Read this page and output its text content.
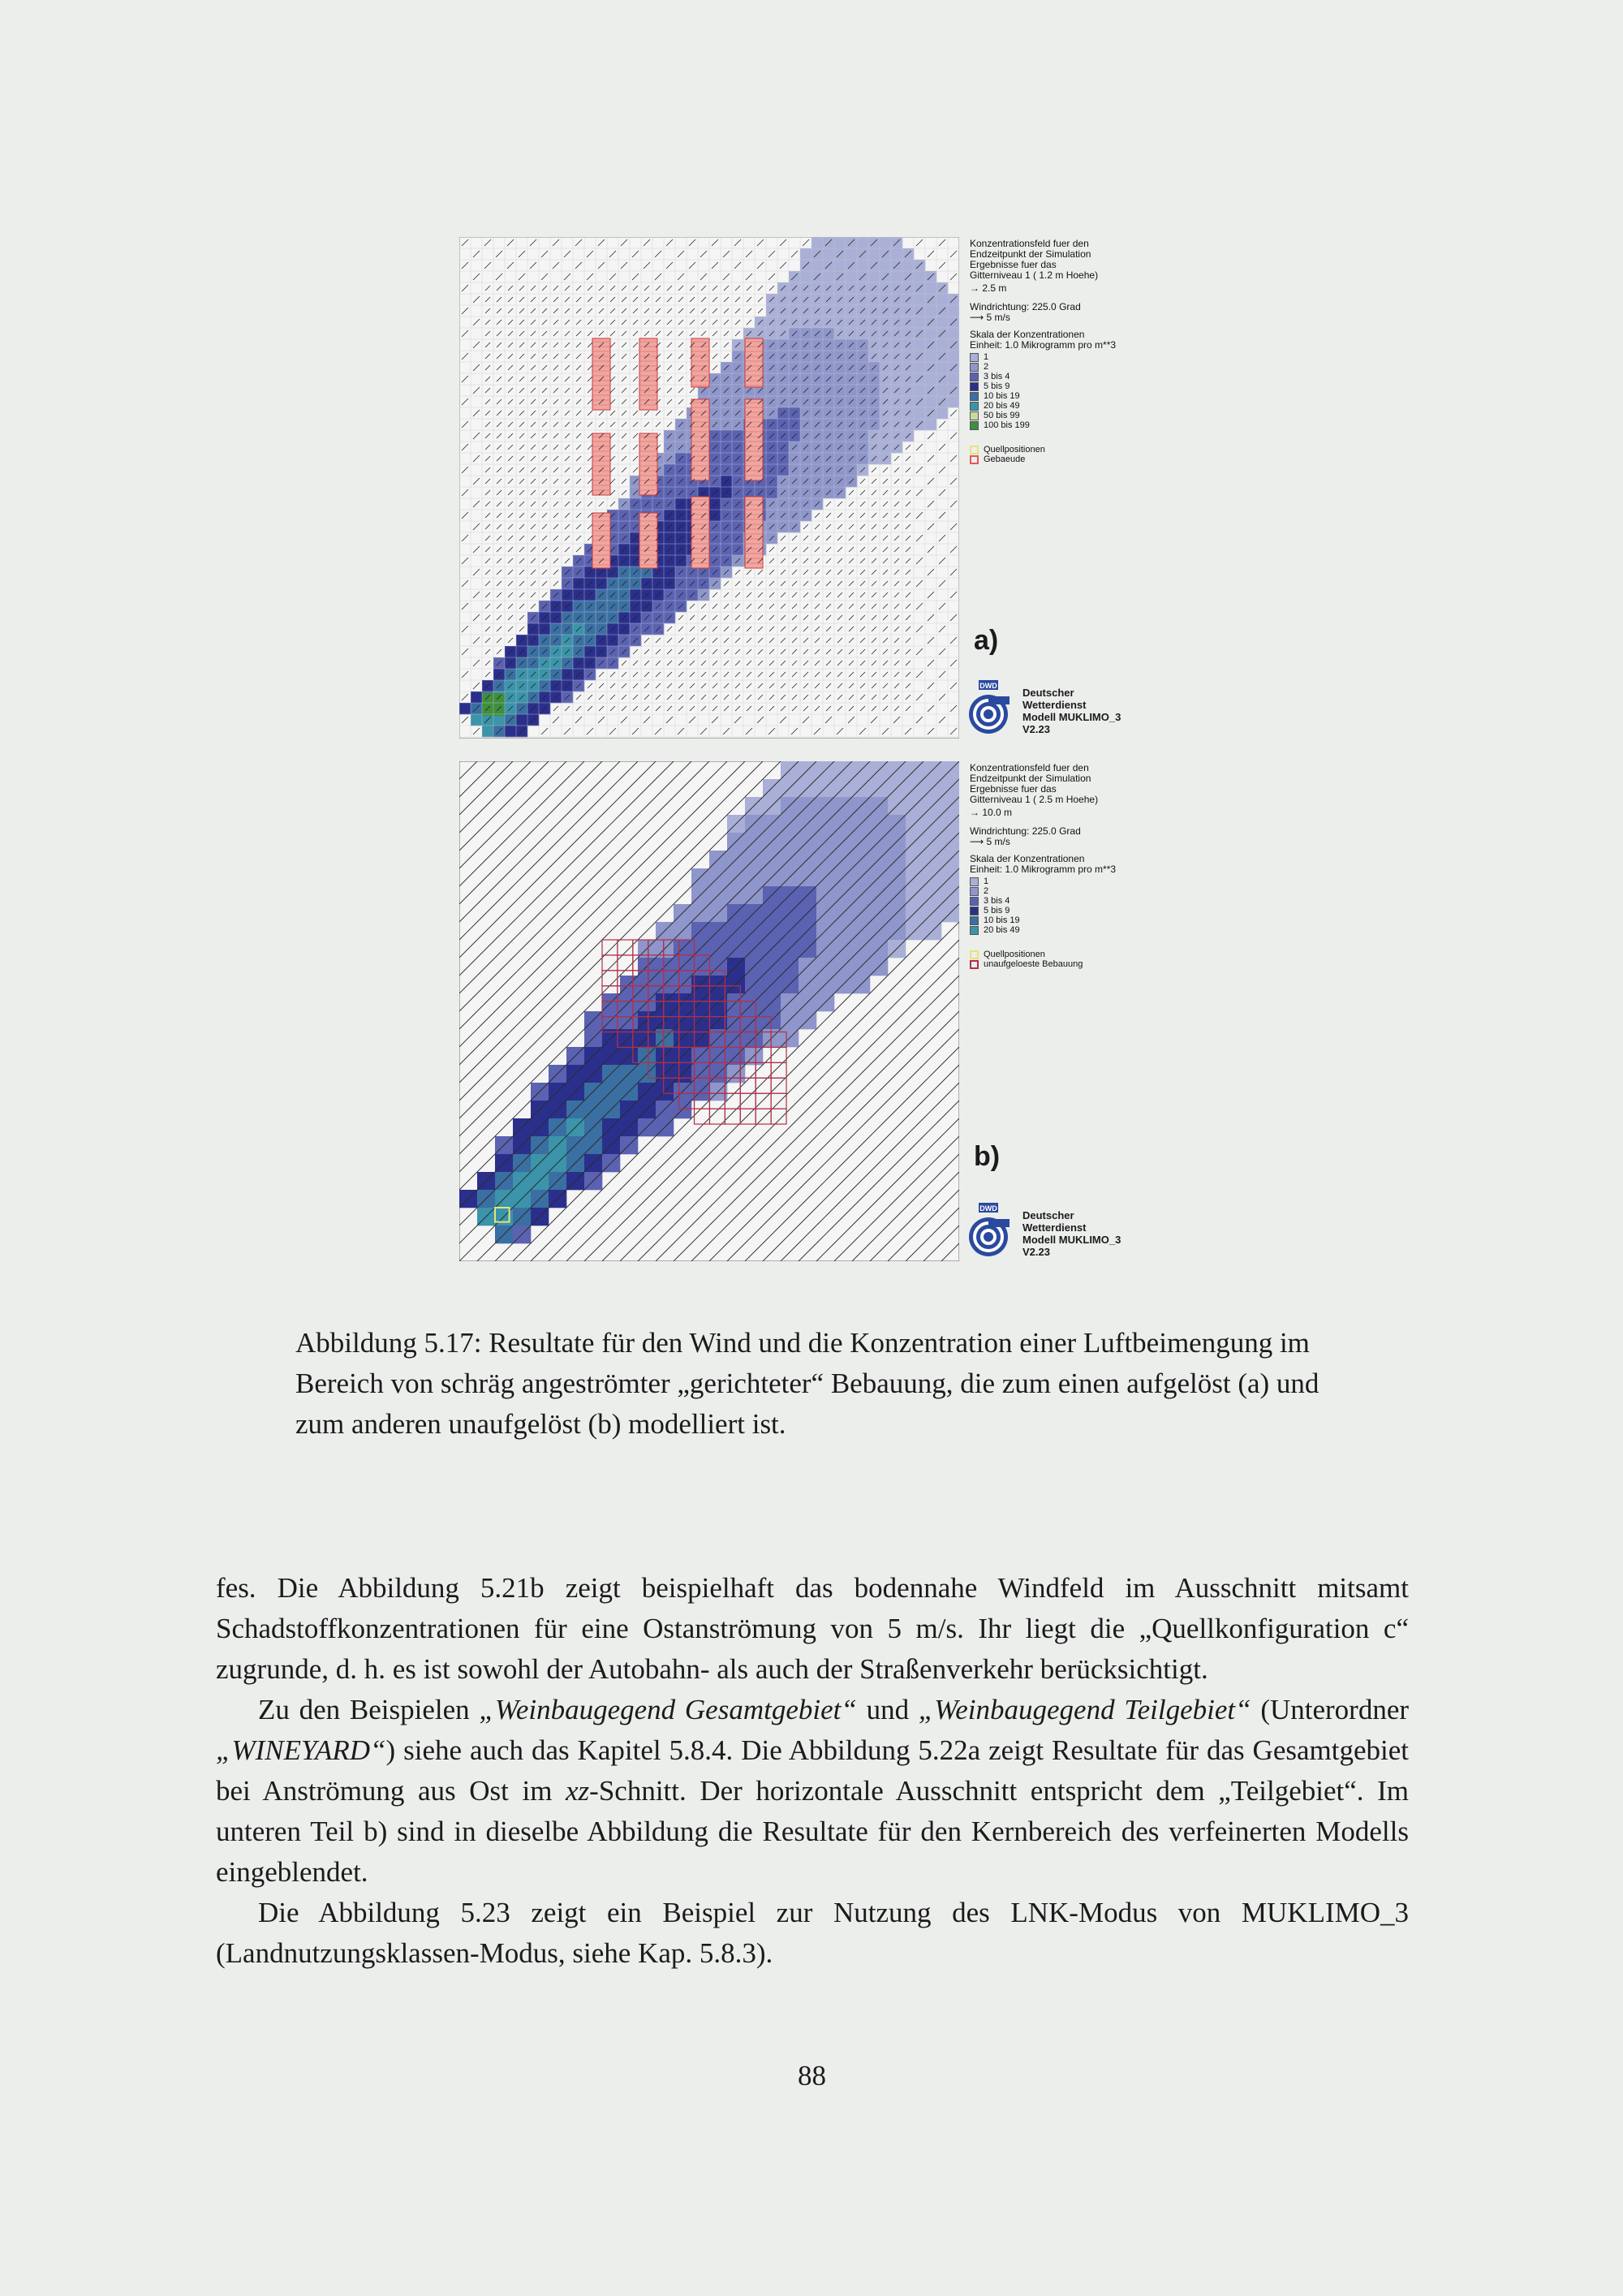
Konzentrationsfeld fuer den
Endzeitpunkt der Simulation
Ergebnisse fuer das
Gitterniveau 1 ( 1.2 m Hoehe)
→ 2.5 m
Windrichtung: 225.0 Grad
⟶ 5 m/s
Skala der Konzentrationen
Einheit: 1.0 Mikrogramm pro m**3
1
2
3 bis 4
5 bis 9
10 bis 19
20 bis 49
50 bis 99
100 bis 199
Quellpositionen
Gebaeude
a)
DWD
Deutscher
Wetterdienst
Modell MUKLIMO_3
V2.23
Konzentrationsfeld fuer den
Endzeitpunkt der Simulation
Ergebnisse fuer das
Gitterniveau 1 ( 2.5 m Hoehe)
→ 10.0 m
Windrichtung: 225.0 Grad
⟶ 5 m/s
Skala der Konzentrationen
Einheit: 1.0 Mikrogramm pro m**3
1
2
3 bis 4
5 bis 9
10 bis 19
20 bis 49
Quellpositionen
unaufgeloeste Bebauung
b)
DWD
Deutscher
Wetterdienst
Modell MUKLIMO_3
V2.23
Abbildung 5.17: Resultate für den Wind und die Konzentration einer Luftbeimengung im Bereich von schräg angeströmter „gerichteter“ Bebauung, die zum einen aufgelöst (a) und zum anderen unaufgelöst (b) modelliert ist.

fes. Die Abbildung 5.21b zeigt beispielhaft das bodennahe Windfeld im Ausschnitt mitsamt Schadstoffkonzentrationen für eine Ostanströmung von 5 m/s. Ihr liegt die „Quellkonfiguration c“ zugrunde, d. h. es ist sowohl der Autobahn- als auch der Straßenverkehr berücksichtigt.

Zu den Beispielen „Weinbaugegend Gesamtgebiet“ und „Weinbaugegend Teilgebiet“ (Unterordner „WINEYARD“) siehe auch das Kapitel 5.8.4. Die Abbildung 5.22a zeigt Resultate für das Gesamtgebiet bei Anströmung aus Ost im xz-Schnitt. Der horizontale Ausschnitt entspricht dem „Teilgebiet“. Im unteren Teil b) sind in dieselbe Abbildung die Resultate für den Kernbereich des verfeinerten Modells eingeblendet.

Die Abbildung 5.23 zeigt ein Beispiel zur Nutzung des LNK-Modus von MUKLIMO_3 (Landnutzungsklassen-Modus, siehe Kap. 5.8.3).

88
